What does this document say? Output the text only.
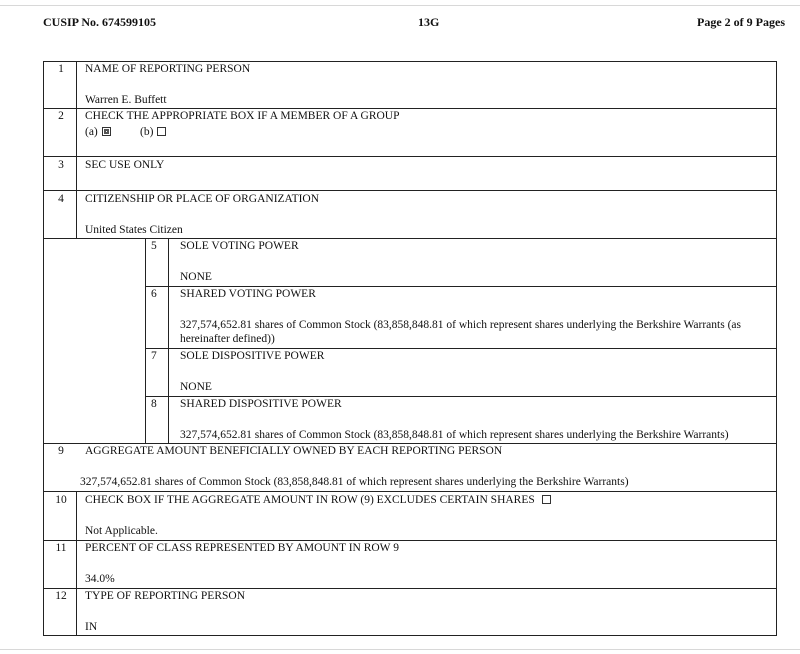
CUSIP No. 674599105	13G	Page 2 of 9 Pages
1	NAME OF REPORTING PERSON
Warren E. Buffett
2	CHECK THE APPROPRIATE BOX IF A MEMBER OF A GROUP
(a)	(b)
3	SEC USE ONLY
4	CITIZENSHIP OR PLACE OF ORGANIZATION
United States Citizen
5 SOLE VOTING POWER
NONE
6 SHARED VOTING POWER
327,574,652.81 shares of Common Stock (83,858,848.81 of which represent shares underlying the Berkshire Warrants (as hereinafter defined))
7 SOLE DISPOSITIVE POWER
NONE
8 SHARED DISPOSITIVE POWER
327,574,652.81 shares of Common Stock (83,858,848.81 of which represent shares underlying the Berkshire Warrants)
9	AGGREGATE AMOUNT BENEFICIALLY OWNED BY EACH REPORTING PERSON
327,574,652.81 shares of Common Stock (83,858,848.81 of which represent shares underlying the Berkshire Warrants)
10	CHECK BOX IF THE AGGREGATE AMOUNT IN ROW (9) EXCLUDES CERTAIN SHARES
Not Applicable.
11	PERCENT OF CLASS REPRESENTED BY AMOUNT IN ROW 9
34.0%
12	TYPE OF REPORTING PERSON
IN
